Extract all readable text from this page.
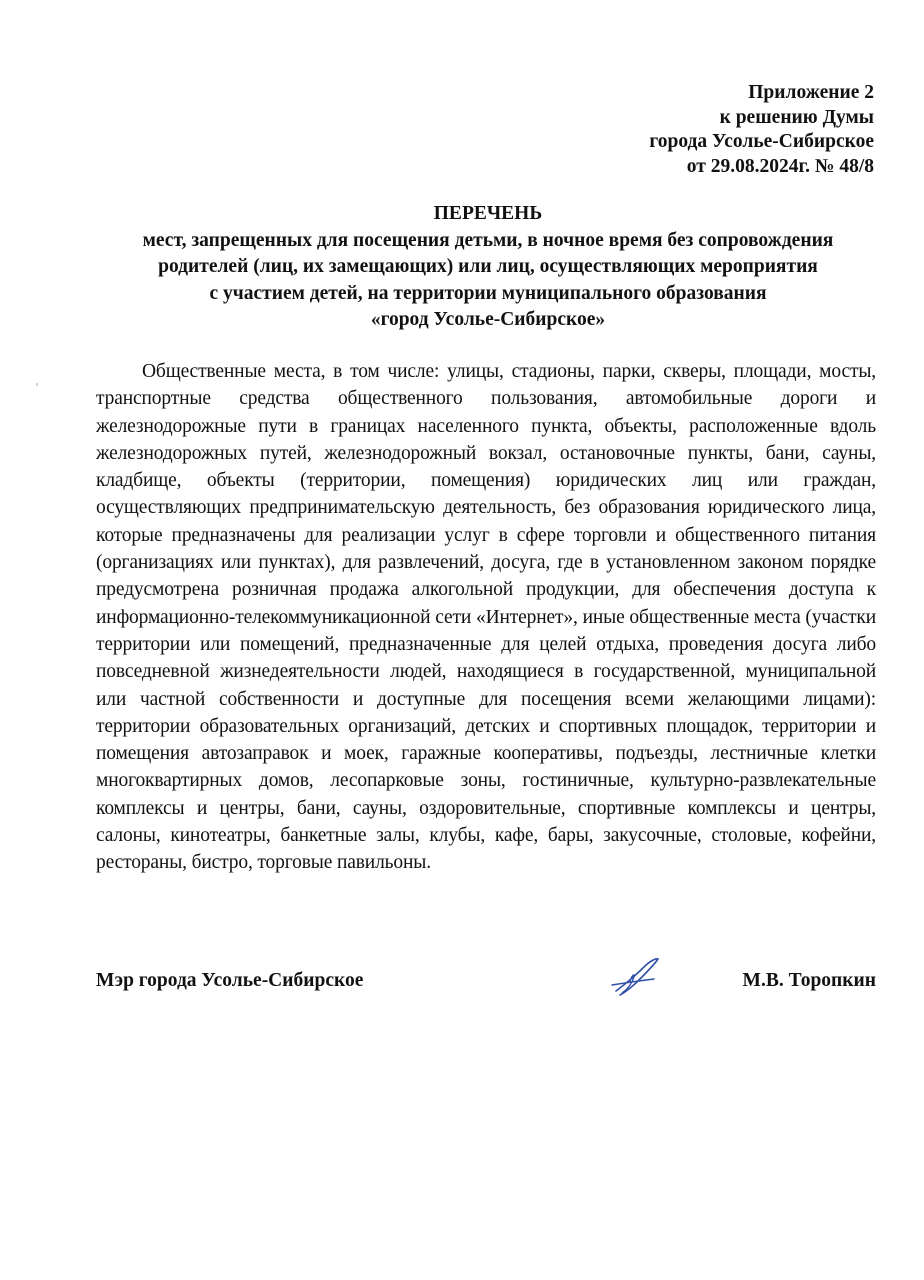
Приложение 2
к решению Думы
города Усолье-Сибирское
от 29.08.2024г. № 48/8
ПЕРЕЧЕНЬ
мест, запрещенных для посещения детьми, в ночное время без сопровождения
родителей (лиц, их замещающих) или лиц, осуществляющих мероприятия
с участием детей, на территории муниципального образования
«город Усолье-Сибирское»

Общественные места, в том числе: улицы, стадионы, парки, скверы, площади, мосты, транспортные средства общественного пользования, автомобильные дороги и железнодорожные пути в границах населенного пункта, объекты, расположенные вдоль железнодорожных путей, железнодорожный вокзал, остановочные пункты, бани, сауны, кладбище, объекты (территории, помещения) юридических лиц или граждан, осуществляющих предпринимательскую деятельность, без образования юридического лица, которые предназначены для реализации услуг в сфере торговли и общественного питания (организациях или пунктах), для развлечений, досуга, где в установленном законом порядке предусмотрена розничная продажа алкогольной продукции, для обеспечения доступа к информационно-телекоммуникационной сети «Интернет», иные общественные места (участки территории или помещений, предназначенные для целей отдыха, проведения досуга либо повседневной жизнедеятельности людей, находящиеся в государственной, муниципальной или частной собственности и доступные для посещения всеми желающими лицами): территории образовательных организаций, детских и спортивных площадок, территории и помещения автозаправок и моек, гаражные кооперативы, подъезды, лестничные клетки многоквартирных домов, лесопарковые зоны, гостиничные, культурно-развлекательные комплексы и центры, бани, сауны, оздоровительные, спортивные комплексы и центры, салоны, кинотеатры, банкетные залы, клубы, кафе, бары, закусочные, столовые, кофейни, рестораны, бистро, торговые павильоны.

Мэр города Усолье-Сибирское	М.В. Торопкин
